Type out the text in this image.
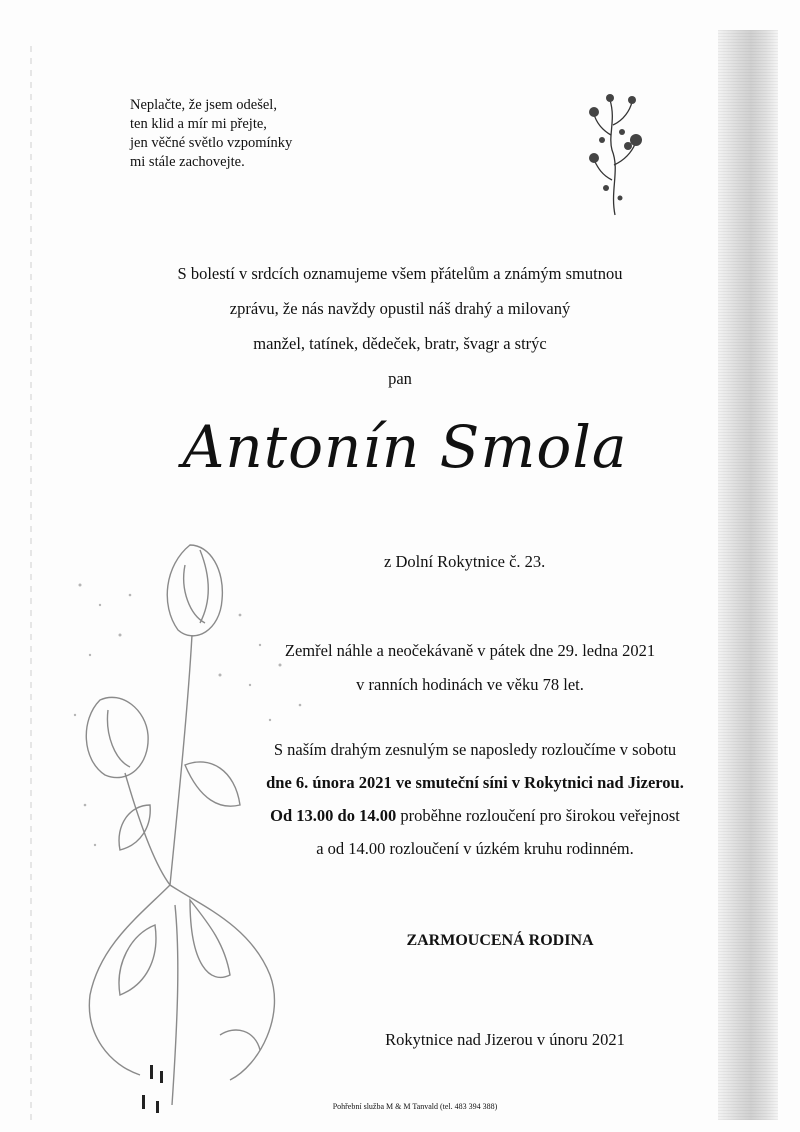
Neplačte, že jsem odešel,
ten klid a mír mi přejte,
jen věčné světlo vzpomínky
mi stále zachovejte.
S bolestí v srdcích oznamujeme všem přátelům a známým smutnou
zprávu, že nás navždy opustil náš drahý a milovaný
manžel, tatínek, dědeček, bratr, švagr a strýc
pan
Antonín Smola
z Dolní Rokytnice č. 23.
Zemřel náhle a neočekávaně v pátek dne 29. ledna 2021
v ranních hodinách ve věku 78 let.
S naším drahým zesnulým se naposledy rozloučíme v sobotu
dne 6. února 2021 ve smuteční síni v Rokytnici nad Jizerou.
Od 13.00 do 14.00 proběhne rozloučení pro širokou veřejnost
a od 14.00 rozloučení v úzkém kruhu rodinném.
ZARMOUCENÁ RODINA
Rokytnice nad Jizerou v únoru 2021
Pohřební služba M & M Tanvald (tel. 483 394 388)
